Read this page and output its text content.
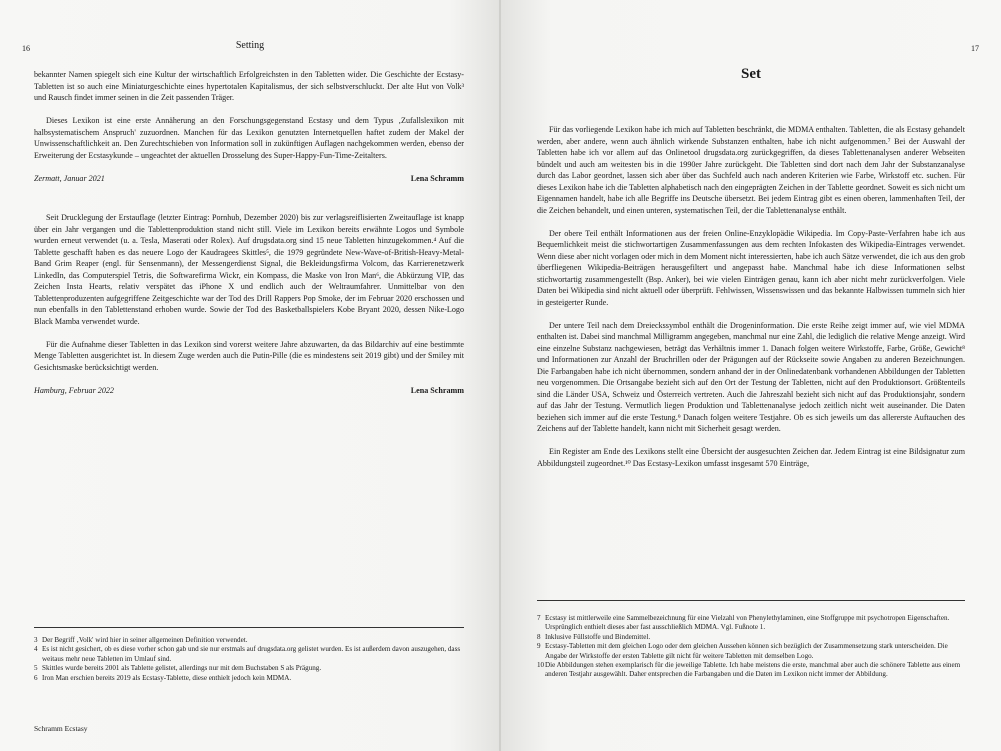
16	Setting

bekannter Namen spiegelt sich eine Kultur der wirtschaftlich Erfolgreichsten in den Tabletten wider. Die Geschichte der Ecstasy-Tabletten ist so auch eine Miniaturgeschichte eines hypertotalen Kapitalismus, der sich selbstverschluckt. Der alte Hut von Volk³ und Rausch findet immer seinen in die Zeit passenden Träger.

Dieses Lexikon ist eine erste Annäherung an den Forschungsgegenstand Ecstasy und dem Typus ‚Zufallslexikon mit halbsystematischem Anspruch' zuzuordnen. Manchen für das Lexikon genutzten Internetquellen haftet zudem der Makel der Unwissenschaftlichkeit an. Den Zurechtschieben von Information soll in zukünftigen Auflagen nachgekommen werden, ebenso der Erweiterung der Ecstasykunde – ungeachtet der aktuellen Drosselung des Super-Happy-Fun-Time-Zeitalters.

Zermatt, Januar 2021	Lena Schramm

Seit Drucklegung der Erstauflage (letzter Eintrag: Pornhub, Dezember 2020) bis zur verlagsreiflisierten Zweitauflage ist knapp über ein Jahr vergangen und die Tablettenproduktion stand nicht still. Viele im Lexikon bereits erwähnte Logos und Symbole wurden erneut verwendet (u. a. Tesla, Maserati oder Rolex). Auf drugsdata.org sind 15 neue Tabletten hinzugekommen.⁴ Auf die Tablette geschafft haben es das neuere Logo der Kaudragees Skittles⁵, die 1979 gegründete New-Wave-of-British-Heavy-Metal-Band Grim Reaper (engl. für Sensenmann), der Messengerdienst Signal, die Bekleidungsfirma Volcom, das Karrierenetzwerk LinkedIn, das Computerspiel Tetris, die Softwarefirma Wickr, ein Kompass, die Maske von Iron Man⁶, die Abkürzung VIP, das Zeichen Insta Hearts, relativ verspätet das iPhone X und endlich auch der Weltraumfahrer. Unmittelbar von den Tablettenproduzenten aufgegriffene Zeitgeschichte war der Tod des Drill Rappers Pop Smoke, der im Februar 2020 erschossen und nun ebenfalls in den Tablettenstand erhoben wurde. Sowie der Tod des Basketballspielers Kobe Bryant 2020, dessen Nike-Logo Black Mamba verwendet wurde.

Für die Aufnahme dieser Tabletten in das Lexikon sind vorerst weitere Jahre abzuwarten, da das Bildarchiv auf eine bestimmte Menge Tabletten ausgerichtet ist. In diesem Zuge werden auch die Putin-Pille (die es mindestens seit 2019 gibt) und der Smiley mit Gesichtsmaske berücksichtigt werden.

Hamburg, Februar 2022	Lena Schramm
3 Der Begriff ‚Volk' wird hier in seiner allgemeinen Definition verwendet.
4 Es ist nicht gesichert, ob es diese vorher schon gab und sie nur erstmals auf drugsdata.org gelistet wurden. Es ist außerdem davon auszugehen, dass weitaus mehr neue Tabletten im Umlauf sind.
5 Skittles wurde bereits 2001 als Tablette gelistet, allerdings nur mit dem Buchstaben S als Prägung.
6 Iron Man erschien bereits 2019 als Ecstasy-Tablette, diese enthielt jedoch kein MDMA.
Schramm Ecstasy
17
Set

Für das vorliegende Lexikon habe ich mich auf Tabletten beschränkt, die MDMA enthalten. Tabletten, die als Ecstasy gehandelt werden, aber andere, wenn auch ähnlich wirkende Substanzen enthalten, habe ich nicht aufgenommen.⁷ Bei der Auswahl der Tabletten habe ich vor allem auf das Onlinetool drugsdata.org zurückgegriffen, da dieses Tablettenanalysen anderer Webseiten bündelt und auch am weitesten bis in die 1990er Jahre zurückgeht. Die Tabletten sind dort nach dem Jahr der Substanzanalyse durch das Labor geordnet, lassen sich aber über das Suchfeld auch nach anderen Kriterien wie Farbe, Wirkstoff etc. suchen. Für dieses Lexikon habe ich die Tabletten alphabetisch nach den eingeprägten Zeichen in der Tablette geordnet. Soweit es sich nicht um Eigennamen handelt, habe ich alle Begriffe ins Deutsche übersetzt. Bei jedem Eintrag gibt es einen oberen, lammenhaften Teil, der die Zeichen behandelt, und einen unteren, systematischen Teil, der die Tablettenanalyse enthält.

Der obere Teil enthält Informationen aus der freien Online-Enzyklopädie Wikipedia. Im Copy-Paste-Verfahren habe ich aus Bequemlichkeit meist die stichwortartigen Zusammenfassungen aus dem rechten Infokasten des Wikipedia-Eintrages verwendet. Wenn diese aber nicht vorlagen oder mich in dem Moment nicht interessierten, habe ich auch Sätze verwendet, die ich aus den grob überfliegenen Wikipedia-Beiträgen herausgefiltert und angepasst habe. Manchmal habe ich diese Informationen selbst stichwortartig zusammengestellt (Bsp. Anker), bei wie vielen Einträgen genau, kann ich aber nicht mehr zurückverfolgen. Viele Daten bei Wikipedia sind nicht aktuell oder überprüft. Fehlwissen, Wissenswissen und das bekannte Halbwissen tummeln sich hier in gesteigerter Runde.

Der untere Teil nach dem Dreieckssymbol enthält die Drogeninformation. Die erste Reihe zeigt immer auf, wie viel MDMA enthalten ist. Dabei sind manchmal Milligramm angegeben, manchmal nur eine Zahl, die lediglich die relative Menge anzeigt. Wird eine einzelne Substanz nachgewiesen, beträgt das Verhältnis immer 1. Danach folgen weitere Wirkstoffe, Farbe, Größe, Gewicht⁸ und Informationen zur Anzahl der Bruchrillen oder der Prägungen auf der Rückseite sowie Angaben zu anderen Bezeichnungen. Die Farbangaben habe ich nicht übernommen, sondern anhand der in der Onlinedatenbank vorhandenen Abbildungen der Tabletten neu vorgenommen. Die Ortsangabe bezieht sich auf den Ort der Testung der Tabletten, nicht auf den Produktionsort. Größtenteils sind die Länder USA, Schweiz und Österreich vertreten. Auch die Jahreszahl bezieht sich nicht auf das Produktionsjahr, sondern auf das Jahr der Testung. Vermutlich liegen Produktion und Tablettenanalyse jedoch zeitlich nicht weit auseinander. Die Daten beziehen sich immer auf die erste Testung.⁹ Danach folgen weitere Testjahre. Ob es sich jeweils um das allererste Auftauchen des Zeichens auf der Tablette handelt, kann nicht mit Sicherheit gesagt werden.

Ein Register am Ende des Lexikons stellt eine Übersicht der ausgesuchten Zeichen dar. Jedem Eintrag ist eine Bildsignatur zum Abbildungsteil zugeordnet.¹⁰ Das Ecstasy-Lexikon umfasst insgesamt 570 Einträge,

7 Ecstasy ist mittlerweile eine Sammelbezeichnung für eine Vielzahl von Phenylethylaminen, eine Stoffgruppe mit psychotropen Eigenschaften. Ursprünglich enthielt dieses aber fast ausschließlich MDMA. Vgl. Fußnote 1.
8 Inklusive Füllstoffe und Bindemittel.
9 Ecstasy-Tabletten mit dem gleichen Logo oder dem gleichen Aussehen können sich bezüglich der Zusammensetzung stark unterscheiden. Die Angabe der Wirkstoffe der ersten Tablette gilt nicht für weitere Tabletten mit demselben Logo.
10 Die Abbildungen stehen exemplarisch für die jeweilige Tablette. Ich habe meistens die erste, manchmal aber auch die schönere Tablette aus einem anderen Testjahr ausgewählt. Daher entsprechen die Farbangaben und die Daten im Lexikon nicht immer der Abbildung.
